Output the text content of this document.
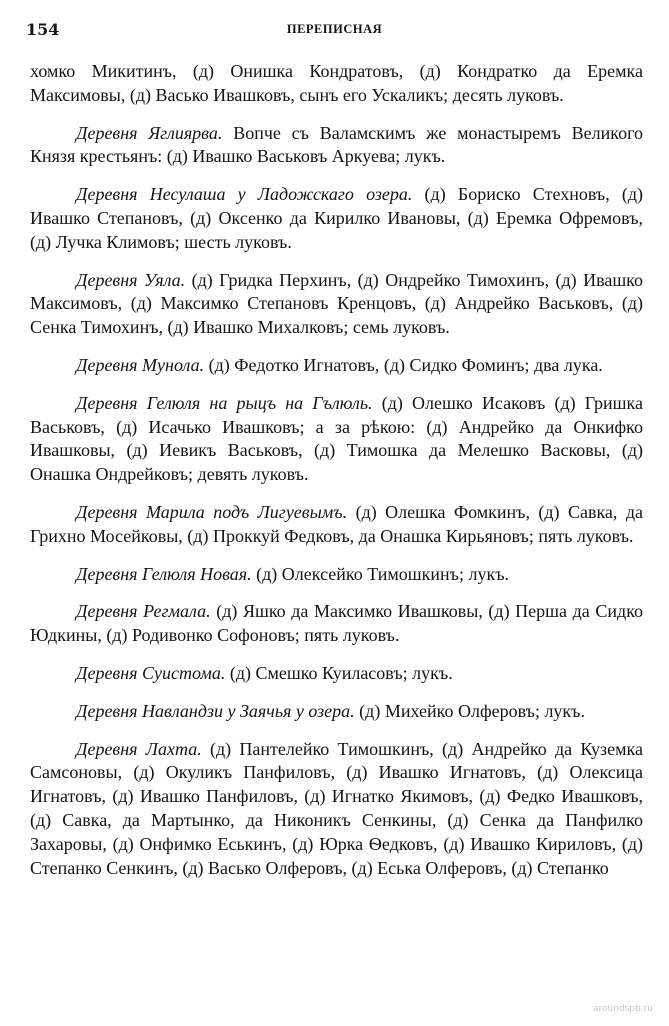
154	ПЕРЕПИСНАЯ

хомко Микитинъ, (д) Онишка Кондратовъ, (д) Кондратко да Еремка Максимовы, (д) Васько Ивашковъ, сынъ его Ускаликъ; десять луковъ.

Деревня Яглиярва. Вопче съ Валамскимъ же монастыремъ Великого Князя крестьянъ: (д) Ивашко Васьковъ Аркуева; лукъ.

Деревня Несулаша у Ладожскаго озера. (д) Бориско Стехновъ, (д) Ивашко Степановъ, (д) Оксенко да Кирилко Ивановы, (д) Еремка Офремовъ, (д) Лучка Климовъ; шесть луковъ.

Деревня Уяла. (д) Гридка Перхинъ, (д) Ондрейко Тимохинъ, (д) Ивашко Максимовъ, (д) Максимко Степановъ Кренцовъ, (д) Андрейко Васьковъ, (д) Сенка Тимохинъ, (д) Ивашко Михалковъ; семь луковъ.

Деревня Мунола. (д) Федотко Игнатовъ, (д) Сидко Фоминъ; два лука.

Деревня Гелюля на рыцъ на Гълюль. (д) Олешко Исаковъ (д) Гришка Васьковъ, (д) Исачько Ивашковъ; а за рѣкою: (д) Андрейко да Онкифко Ивашковы, (д) Иевикъ Васьковъ, (д) Тимошка да Мелешко Васковы, (д) Онашка Ондрейковъ; девять луковъ.

Деревня Марила подъ Лигуевымъ. (д) Олешка Фомкинъ, (д) Савка, да Грихно Мосейковы, (д) Проккуй Федковъ, да Онашка Кирьяновъ; пять луковъ.

Деревня Гелюля Новая. (д) Олексейко Тимошкинъ; лукъ.

Деревня Регмала. (д) Яшко да Максимко Ивашковы, (д) Перша да Сидко Юдкины, (д) Родивонко Софоновъ; пять луковъ.

Деревня Суистома. (д) Смешко Куиласовъ; лукъ.

Деревня Навландзи у Заячья у озера. (д) Михейко Олферовъ; лукъ.

Деревня Лахта. (д) Пантелейко Тимошкинъ, (д) Андрейко да Куземка Самсоновы, (д) Окуликъ Панфиловъ, (д) Ивашко Игнатовъ, (д) Олексица Игнатовъ, (д) Ивашко Панфиловъ, (д) Игнатко Якимовъ, (д) Федко Ивашковъ, (д) Савка, да Мартынко, да Никоникъ Сенкины, (д) Сенка да Панфилко Захаровы, (д) Онфимко Еськинъ, (д) Юрка Ѳедковъ, (д) Ивашко Кириловъ, (д) Степанко Сенкинъ, (д) Васько Олферовъ, (д) Еська Олферовъ, (д) Степанко

aroundspb.ru
